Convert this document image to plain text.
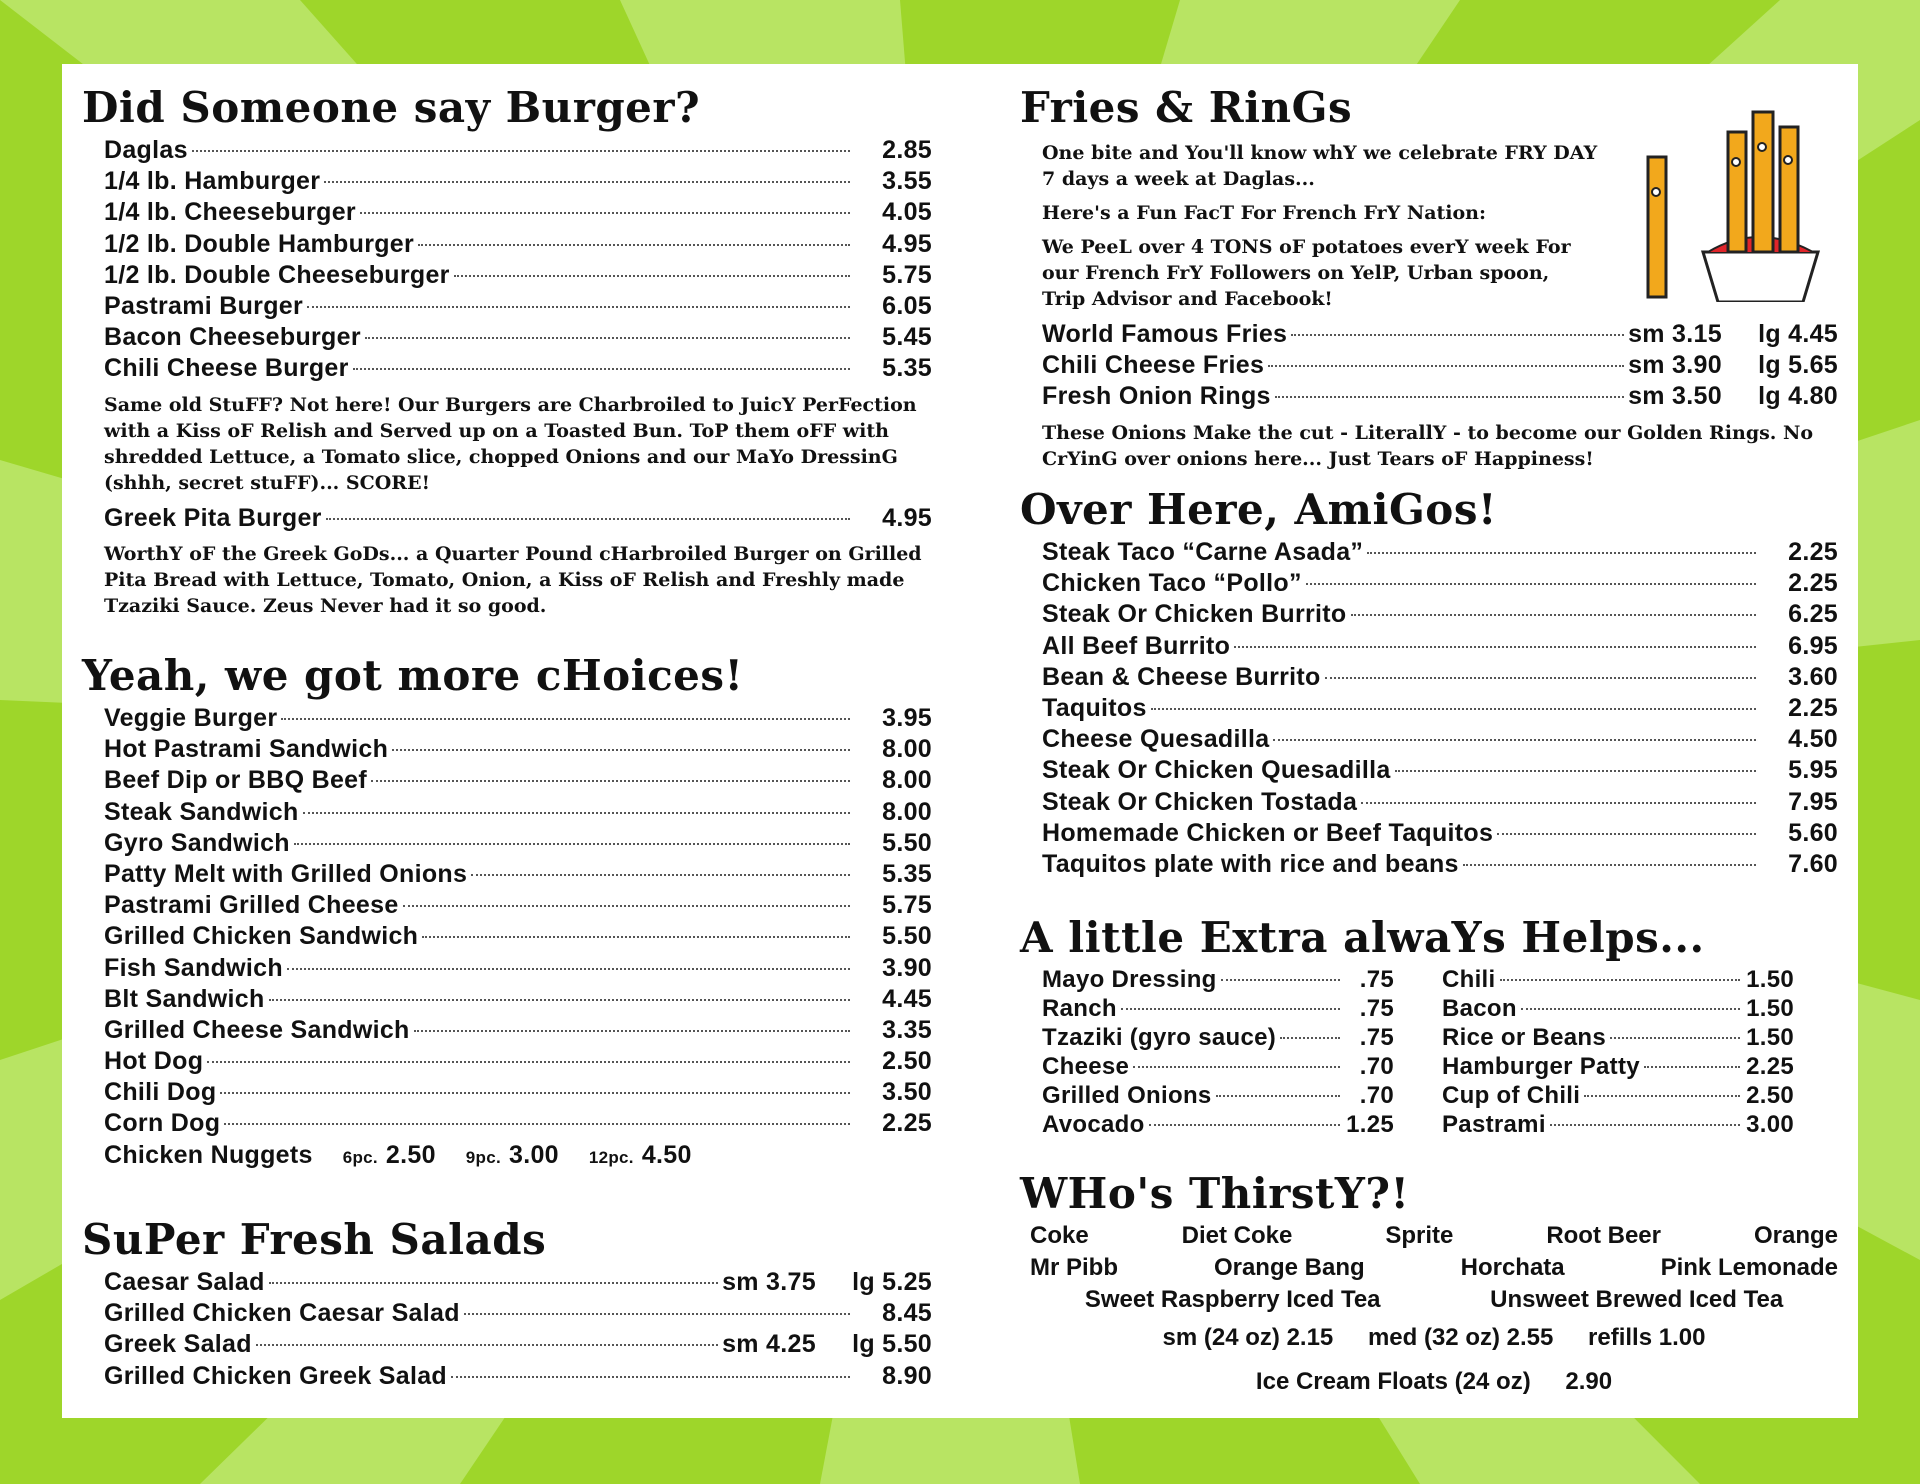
Did Someone say Burger?
Daglas	2.85
1/4 lb. Hamburger	3.55
1/4 lb. Cheeseburger	4.05
1/2 lb. Double Hamburger	4.95
1/2 lb. Double Cheeseburger	5.75
Pastrami Burger	6.05
Bacon Cheeseburger	5.45
Chili Cheese Burger	5.35
Same old StuFF? Not here! Our Burgers are Charbroiled to JuicY PerFection with a Kiss oF Relish and Served up on a Toasted Bun. ToP them oFF with shredded Lettuce, a Tomato slice, chopped Onions and our MaYo DressinG (shhh, secret stuFF)... SCORE!
Greek Pita Burger	4.95
WorthY oF the Greek GoDs... a Quarter Pound cHarbroiled Burger on Grilled Pita Bread with Lettuce, Tomato, Onion, a Kiss oF Relish and Freshly made Tzaziki Sauce. Zeus Never had it so good.
Yeah, we got more cHoices!
Veggie Burger	3.95
Hot Pastrami Sandwich	8.00
Beef Dip or BBQ Beef	8.00
Steak Sandwich	8.00
Gyro Sandwich	5.50
Patty Melt with Grilled Onions	5.35
Pastrami Grilled Cheese	5.75
Grilled Chicken Sandwich	5.50
Fish Sandwich	3.90
Blt Sandwich	4.45
Grilled Cheese Sandwich	3.35
Hot Dog	2.50
Chili Dog	3.50
Corn Dog	2.25
Chicken Nuggets 6pc. 2.50 9pc. 3.00 12pc. 4.50
SuPer Fresh Salads
Caesar Salad	sm 3.75	lg 5.25
Grilled Chicken Caesar Salad	8.45
Greek Salad	sm 4.25	lg 5.50
Grilled Chicken Greek Salad	8.90
Fries & RinGs
One bite and You'll know whY we celebrate FRY DAY 7 days a week at Daglas...
Here's a Fun FacT For French FrY Nation:
We PeeL over 4 TONS oF potatoes everY week For our French FrY Followers on YelP, Urban spoon, Trip Advisor and Facebook!
World Famous Fries	sm 3.15	lg 4.45
Chili Cheese Fries	sm 3.90	lg 5.65
Fresh Onion Rings	sm 3.50	lg 4.80
These Onions Make the cut - LiterallY - to become our Golden Rings. No CrYinG over onions here... Just Tears oF Happiness!
Over Here, AmiGos!
Steak Taco “Carne Asada”	2.25
Chicken Taco “Pollo”	2.25
Steak Or Chicken Burrito	6.25
All Beef Burrito	6.95
Bean & Cheese Burrito	3.60
Taquitos	2.25
Cheese Quesadilla	4.50
Steak Or Chicken Quesadilla	5.95
Steak Or Chicken Tostada	7.95
Homemade Chicken or Beef Taquitos	5.60
Taquitos plate with rice and beans	7.60
A little Extra alwaYs Helps...
Mayo Dressing	.75
Ranch	.75
Tzaziki (gyro sauce)	.75
Cheese	.70
Grilled Onions	.70
Avocado	1.25
Chili	1.50
Bacon	1.50
Rice or Beans	1.50
Hamburger Patty	2.25
Cup of Chili	2.50
Pastrami	3.00
WHo's ThirstY?!
Coke	Diet Coke	Sprite	Root Beer	Orange
Mr Pibb	Orange Bang	Horchata	Pink Lemonade
Sweet Raspberry Iced Tea	Unsweet Brewed Iced Tea
sm (24 oz) 2.15 med (32 oz) 2.55 refills 1.00
Ice Cream Floats (24 oz) 2.90
